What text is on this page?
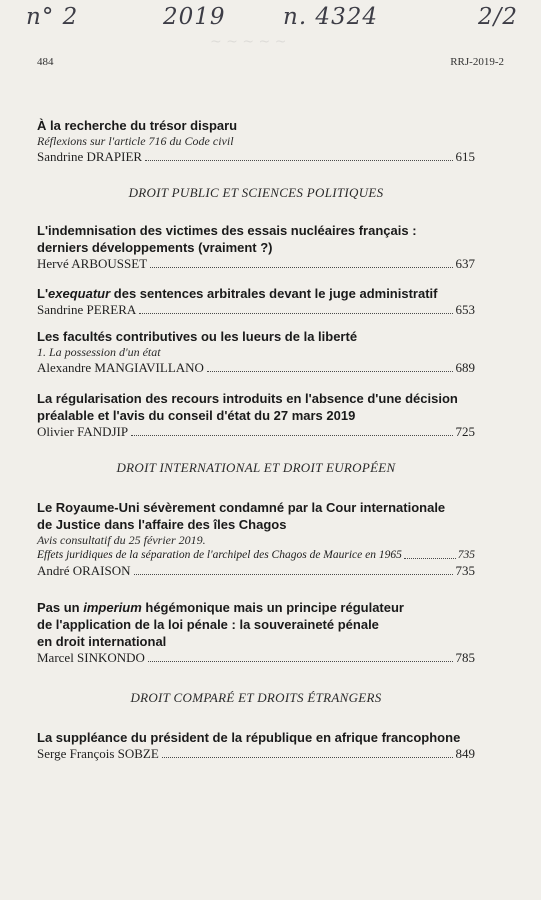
n° 2	2019 n. 4324	2/2
~ ~ ~ ~ ~
484	RRJ-2019-2
À la recherche du trésor disparu
Réflexions sur l'article 716 du Code civil
Sandrine DRAPIER	615
DROIT PUBLIC ET SCIENCES POLITIQUES
L'indemnisation des victimes des essais nucléaires français :
derniers développements (vraiment ?)
Hervé ARBOUSSET	637
L'exequatur des sentences arbitrales devant le juge administratif
Sandrine PERERA	653
Les facultés contributives ou les lueurs de la liberté
1. La possession d'un état
Alexandre MANGIAVILLANO	689
La régularisation des recours introduits en l'absence d'une décision
préalable et l'avis du conseil d'état du 27 mars 2019
Olivier FANDJIP	725
DROIT INTERNATIONAL ET DROIT EUROPÉEN
Le Royaume-Uni sévèrement condamné par la Cour internationale
de Justice dans l'affaire des îles Chagos
Avis consultatif du 25 février 2019.
Effets juridiques de la séparation de l'archipel des Chagos de Maurice en 1965	735
André ORAISON	735
Pas un imperium hégémonique mais un principe régulateur
de l'application de la loi pénale : la souveraineté pénale
en droit international
Marcel SINKONDO	785
DROIT COMPARÉ ET DROITS ÉTRANGERS
La suppléance du président de la république en afrique francophone
Serge François SOBZE	849
